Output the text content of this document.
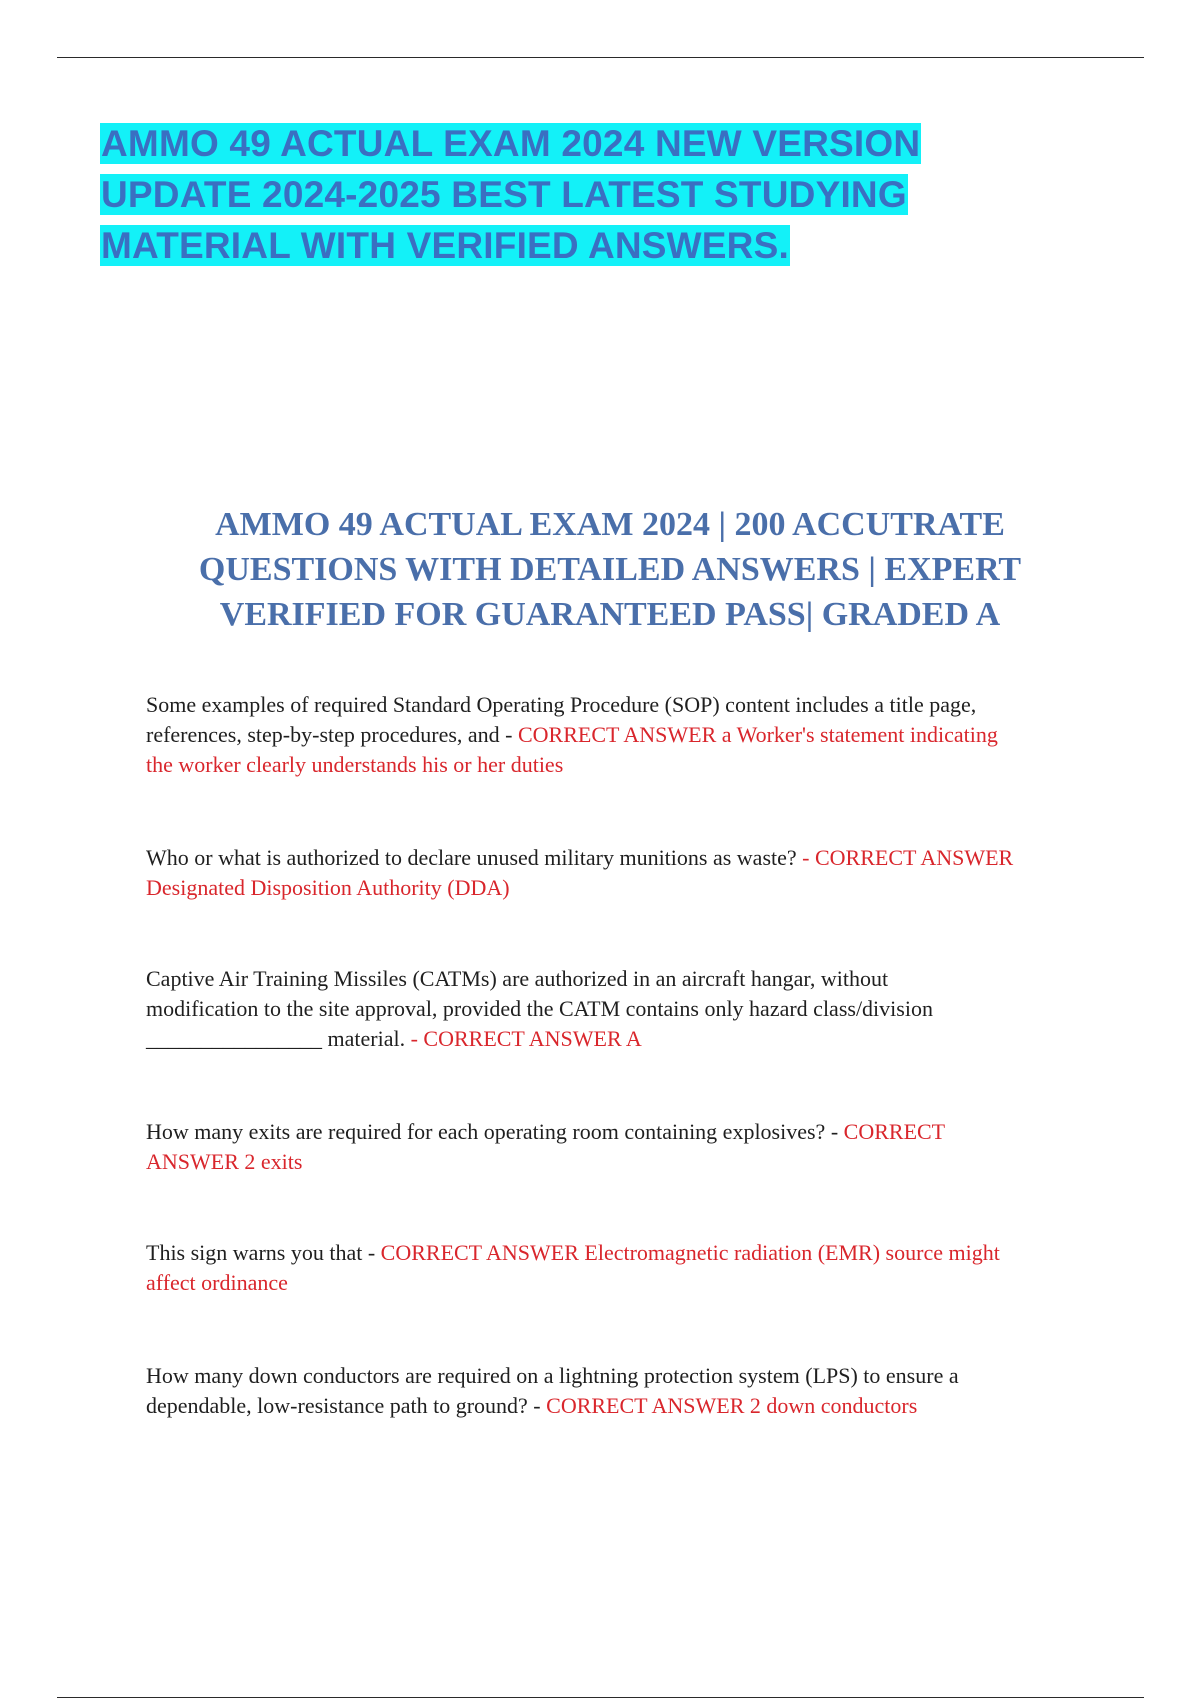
AMMO 49 ACTUAL EXAM 2024 NEW VERSION
UPDATE 2024-2025 BEST LATEST STUDYING
MATERIAL WITH VERIFIED ANSWERS.
AMMO 49 ACTUAL EXAM 2024 | 200 ACCUTRATE
QUESTIONS WITH DETAILED ANSWERS | EXPERT
VERIFIED FOR GUARANTEED PASS| GRADED A
Some examples of required Standard Operating Procedure (SOP) content includes a title page,
references, step-by-step procedures, and - CORRECT ANSWER a Worker's statement indicating
the worker clearly understands his or her duties
Who or what is authorized to declare unused military munitions as waste? - CORRECT ANSWER
Designated Disposition Authority (DDA)
Captive Air Training Missiles (CATMs) are authorized in an aircraft hangar, without
modification to the site approval, provided the CATM contains only hazard class/division
________________ material. - CORRECT ANSWER A
How many exits are required for each operating room containing explosives? - CORRECT
ANSWER 2 exits
This sign warns you that - CORRECT ANSWER Electromagnetic radiation (EMR) source might
affect ordinance
How many down conductors are required on a lightning protection system (LPS) to ensure a
dependable, low-resistance path to ground? - CORRECT ANSWER 2 down conductors
